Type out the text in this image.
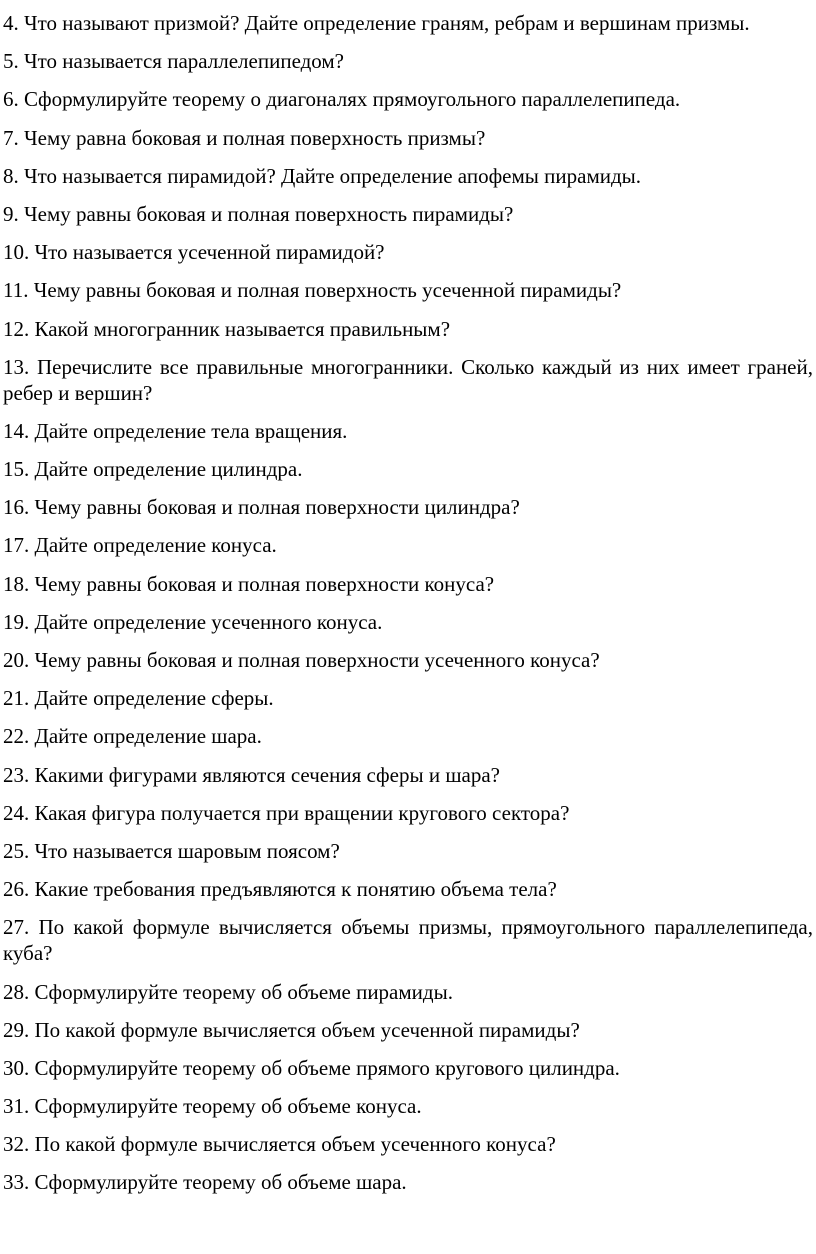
4. Что называют призмой? Дайте определение граням, ребрам и вершинам призмы.
5. Что называется параллелепипедом?
6. Сформулируйте теорему о диагоналях прямоугольного параллелепипеда.
7. Чему равна боковая и полная поверхность призмы?
8. Что называется пирамидой? Дайте определение апофемы пирамиды.
9. Чему равны боковая и полная поверхность пирамиды?
10. Что называется усеченной пирамидой?
11. Чему равны боковая и полная поверхность усеченной пирамиды?
12. Какой многогранник называется правильным?
13. Перечислите все правильные многогранники. Сколько каждый из них имеет граней, ребер и вершин?
14. Дайте определение тела вращения.
15. Дайте определение цилиндра.
16. Чему равны боковая и полная поверхности цилиндра?
17. Дайте определение конуса.
18. Чему равны боковая и полная поверхности конуса?
19. Дайте определение усеченного конуса.
20. Чему равны боковая и полная поверхности усеченного конуса?
21. Дайте определение сферы.
22. Дайте определение шара.
23. Какими фигурами являются сечения сферы и шара?
24. Какая фигура получается при вращении кругового сектора?
25. Что называется шаровым поясом?
26. Какие требования предъявляются к понятию объема тела?
27. По какой формуле вычисляется объемы призмы, прямоугольного параллелепипеда, куба?
28. Сформулируйте теорему об объеме пирамиды.
29. По какой формуле вычисляется объем усеченной пирамиды?
30. Сформулируйте теорему об объеме прямого кругового цилиндра.
31. Сформулируйте теорему об объеме конуса.
32. По какой формуле вычисляется объем усеченного конуса?
33. Сформулируйте теорему об объеме шара.
